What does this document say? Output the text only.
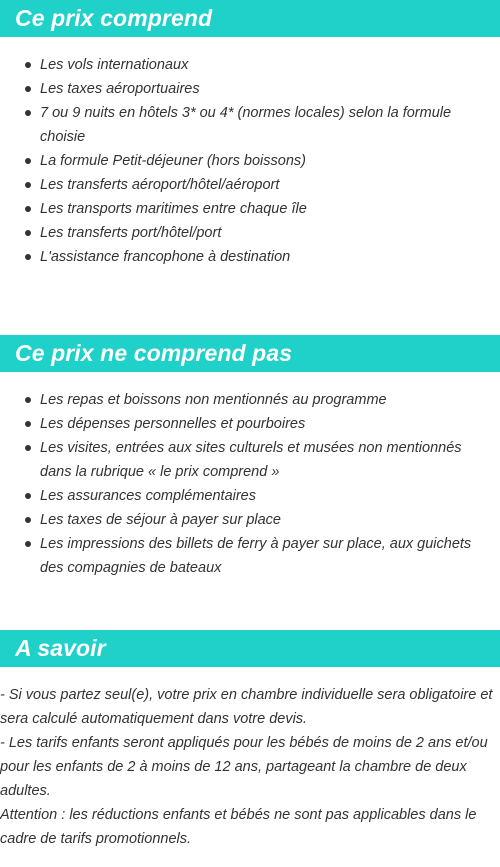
Ce prix comprend
Les vols internationaux
Les taxes aéroportuaires
7 ou 9 nuits en hôtels 3* ou 4* (normes locales) selon la formule choisie
La formule Petit-déjeuner (hors boissons)
Les transferts aéroport/hôtel/aéroport
Les transports maritimes entre chaque île
Les transferts port/hôtel/port
L'assistance francophone à destination
Ce prix ne comprend pas
Les repas et boissons non mentionnés au programme
Les dépenses personnelles et pourboires
Les visites, entrées aux sites culturels et musées non mentionnés dans la rubrique « le prix comprend »
Les assurances complémentaires
Les taxes de séjour à payer sur place
Les impressions des billets de ferry à payer sur place, aux guichets des compagnies de bateaux
A savoir

- Si vous partez seul(e), votre prix en chambre individuelle sera obligatoire et sera calculé automatiquement dans votre devis.

- Les tarifs enfants seront appliqués pour les bébés de moins de 2 ans et/ou pour les enfants de 2 à moins de 12 ans, partageant la chambre de deux adultes.

Attention : les réductions enfants et bébés ne sont pas applicables dans le cadre de tarifs promotionnels.
